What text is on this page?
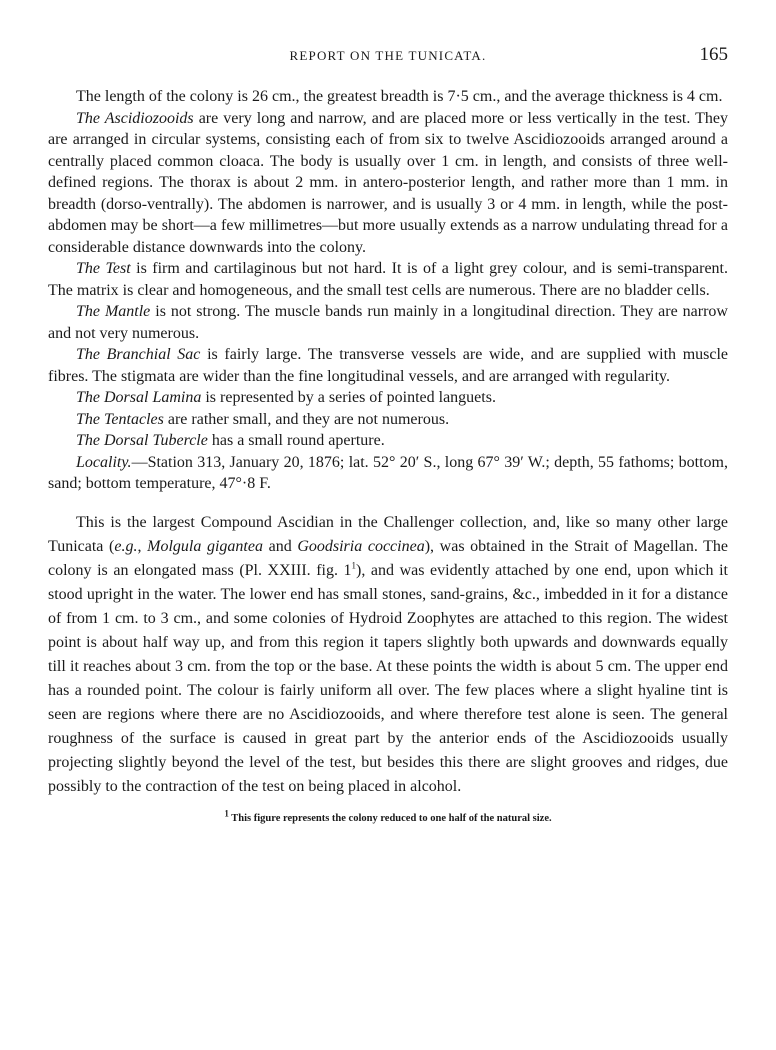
REPORT ON THE TUNICATA.	165

The length of the colony is 26 cm., the greatest breadth is 7·5 cm., and the average thickness is 4 cm.

The Ascidiozooids are very long and narrow, and are placed more or less vertically in the test. They are arranged in circular systems, consisting each of from six to twelve Ascidiozooids arranged around a centrally placed common cloaca. The body is usually over 1 cm. in length, and consists of three well-defined regions. The thorax is about 2 mm. in antero-posterior length, and rather more than 1 mm. in breadth (dorso-ventrally). The abdomen is narrower, and is usually 3 or 4 mm. in length, while the post-abdomen may be short—a few millimetres—but more usually extends as a narrow undulating thread for a considerable distance downwards into the colony.

The Test is firm and cartilaginous but not hard. It is of a light grey colour, and is semi-transparent. The matrix is clear and homogeneous, and the small test cells are numerous. There are no bladder cells.

The Mantle is not strong. The muscle bands run mainly in a longitudinal direction. They are narrow and not very numerous.

The Branchial Sac is fairly large. The transverse vessels are wide, and are supplied with muscle fibres. The stigmata are wider than the fine longitudinal vessels, and are arranged with regularity.

The Dorsal Lamina is represented by a series of pointed languets.

The Tentacles are rather small, and they are not numerous.

The Dorsal Tubercle has a small round aperture.

Locality.—Station 313, January 20, 1876; lat. 52° 20′ S., long 67° 39′ W.; depth, 55 fathoms; bottom, sand; bottom temperature, 47°·8 F.

This is the largest Compound Ascidian in the Challenger collection, and, like so many other large Tunicata (e.g., Molgula gigantea and Goodsiria coccinea), was obtained in the Strait of Magellan. The colony is an elongated mass (Pl. XXIII. fig. $1^1$), and was evidently attached by one end, upon which it stood upright in the water. The lower end has small stones, sand-grains, &c., imbedded in it for a distance of from 1 cm. to 3 cm., and some colonies of Hydroid Zoophytes are attached to this region. The widest point is about half way up, and from this region it tapers slightly both upwards and downwards equally till it reaches about 3 cm. from the top or the base. At these points the width is about 5 cm. The upper end has a rounded point. The colour is fairly uniform all over. The few places where a slight hyaline tint is seen are regions where there are no Ascidiozooids, and where therefore test alone is seen. The general roughness of the surface is caused in great part by the anterior ends of the Ascidiozooids usually projecting slightly beyond the level of the test, but besides this there are slight grooves and ridges, due possibly to the contraction of the test on being placed in alcohol.

$^1$ This figure represents the colony reduced to one half of the natural size.
